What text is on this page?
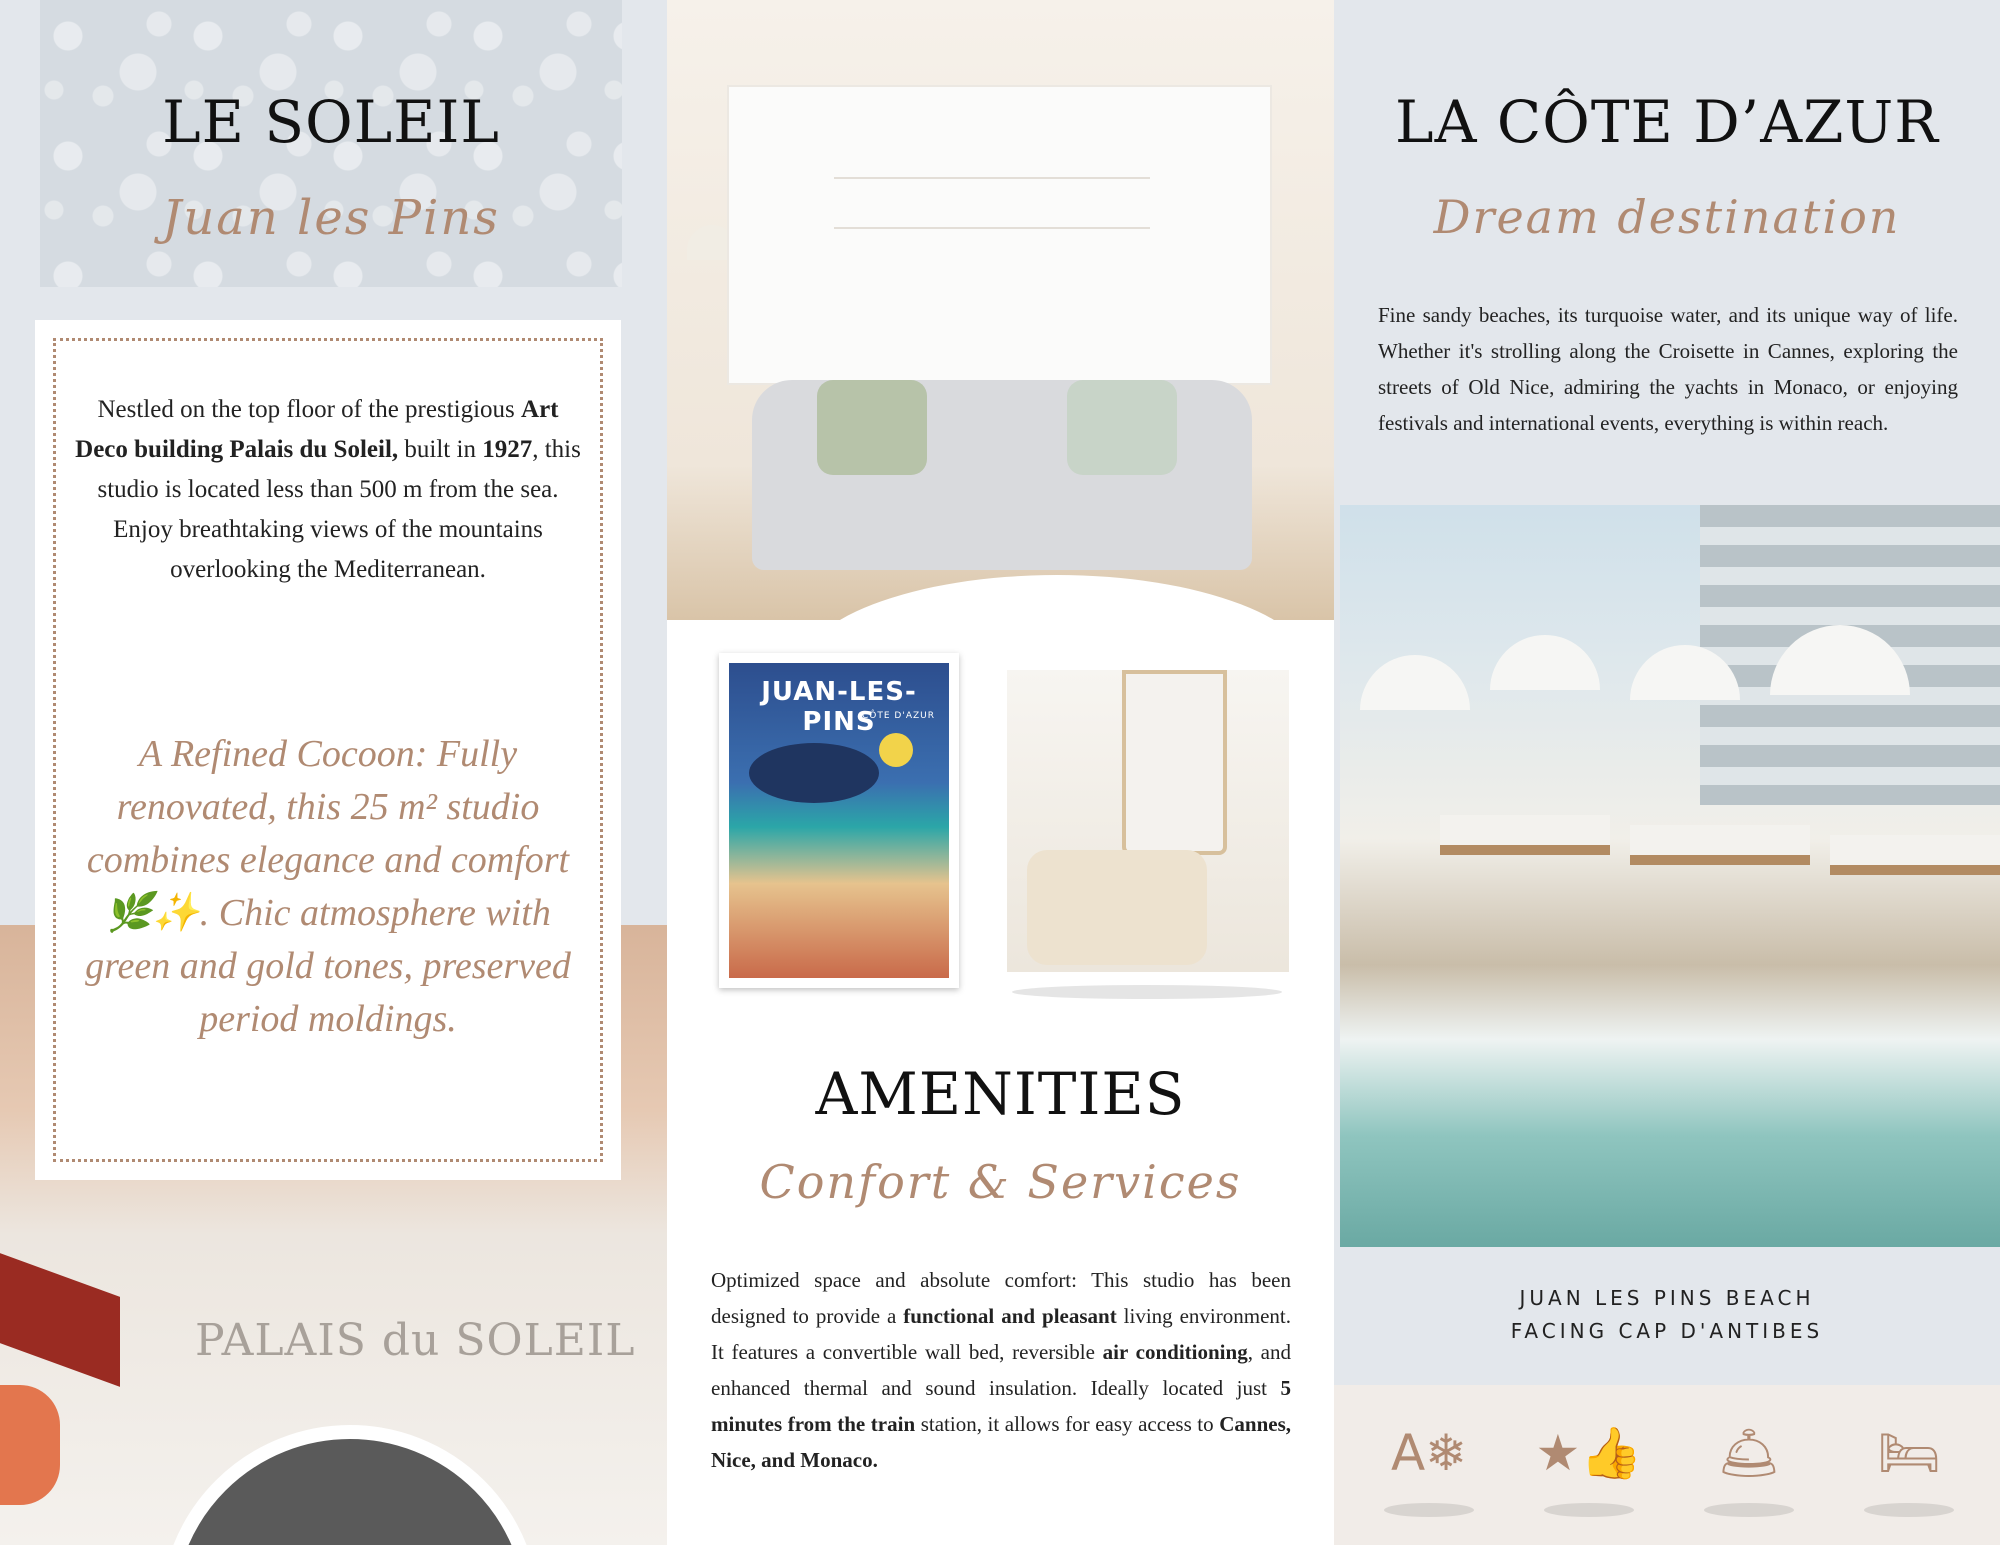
LE SOLEIL
Juan les Pins
PALAIS du SOLEIL

Nestled on the top floor of the prestigious Art Deco building Palais du Soleil, built in 1927, this studio is located less than 500 m from the sea. Enjoy breathtaking views of the mountains overlooking the Mediterranean.

A Refined Cocoon: Fully renovated, this 25 m² studio combines elegance and comfort 🌿✨. Chic atmosphere with green and gold tones, preserved period moldings.

JUAN-LES-PINS
CÔTE D'AZUR
AMENITIES
Confort & Services

Optimized space and absolute comfort: This studio has been designed to provide a functional and pleasant living environment. It features a convertible wall bed, reversible air conditioning, and enhanced thermal and sound insulation. Ideally located just 5 minutes from the train station, it allows for easy access to Cannes, Nice, and Monaco.

LA CÔTE D’AZUR
Dream destination

Fine sandy beaches, its turquoise water, and its unique way of life. Whether it's strolling along the Croisette in Cannes, exploring the streets of Old Nice, admiring the yachts in Monaco, or enjoying festivals and international events, everything is within reach.

JUAN LES PINS BEACH
FACING CAP D'ANTIBES
A❄	★👍	🛎	🛏
